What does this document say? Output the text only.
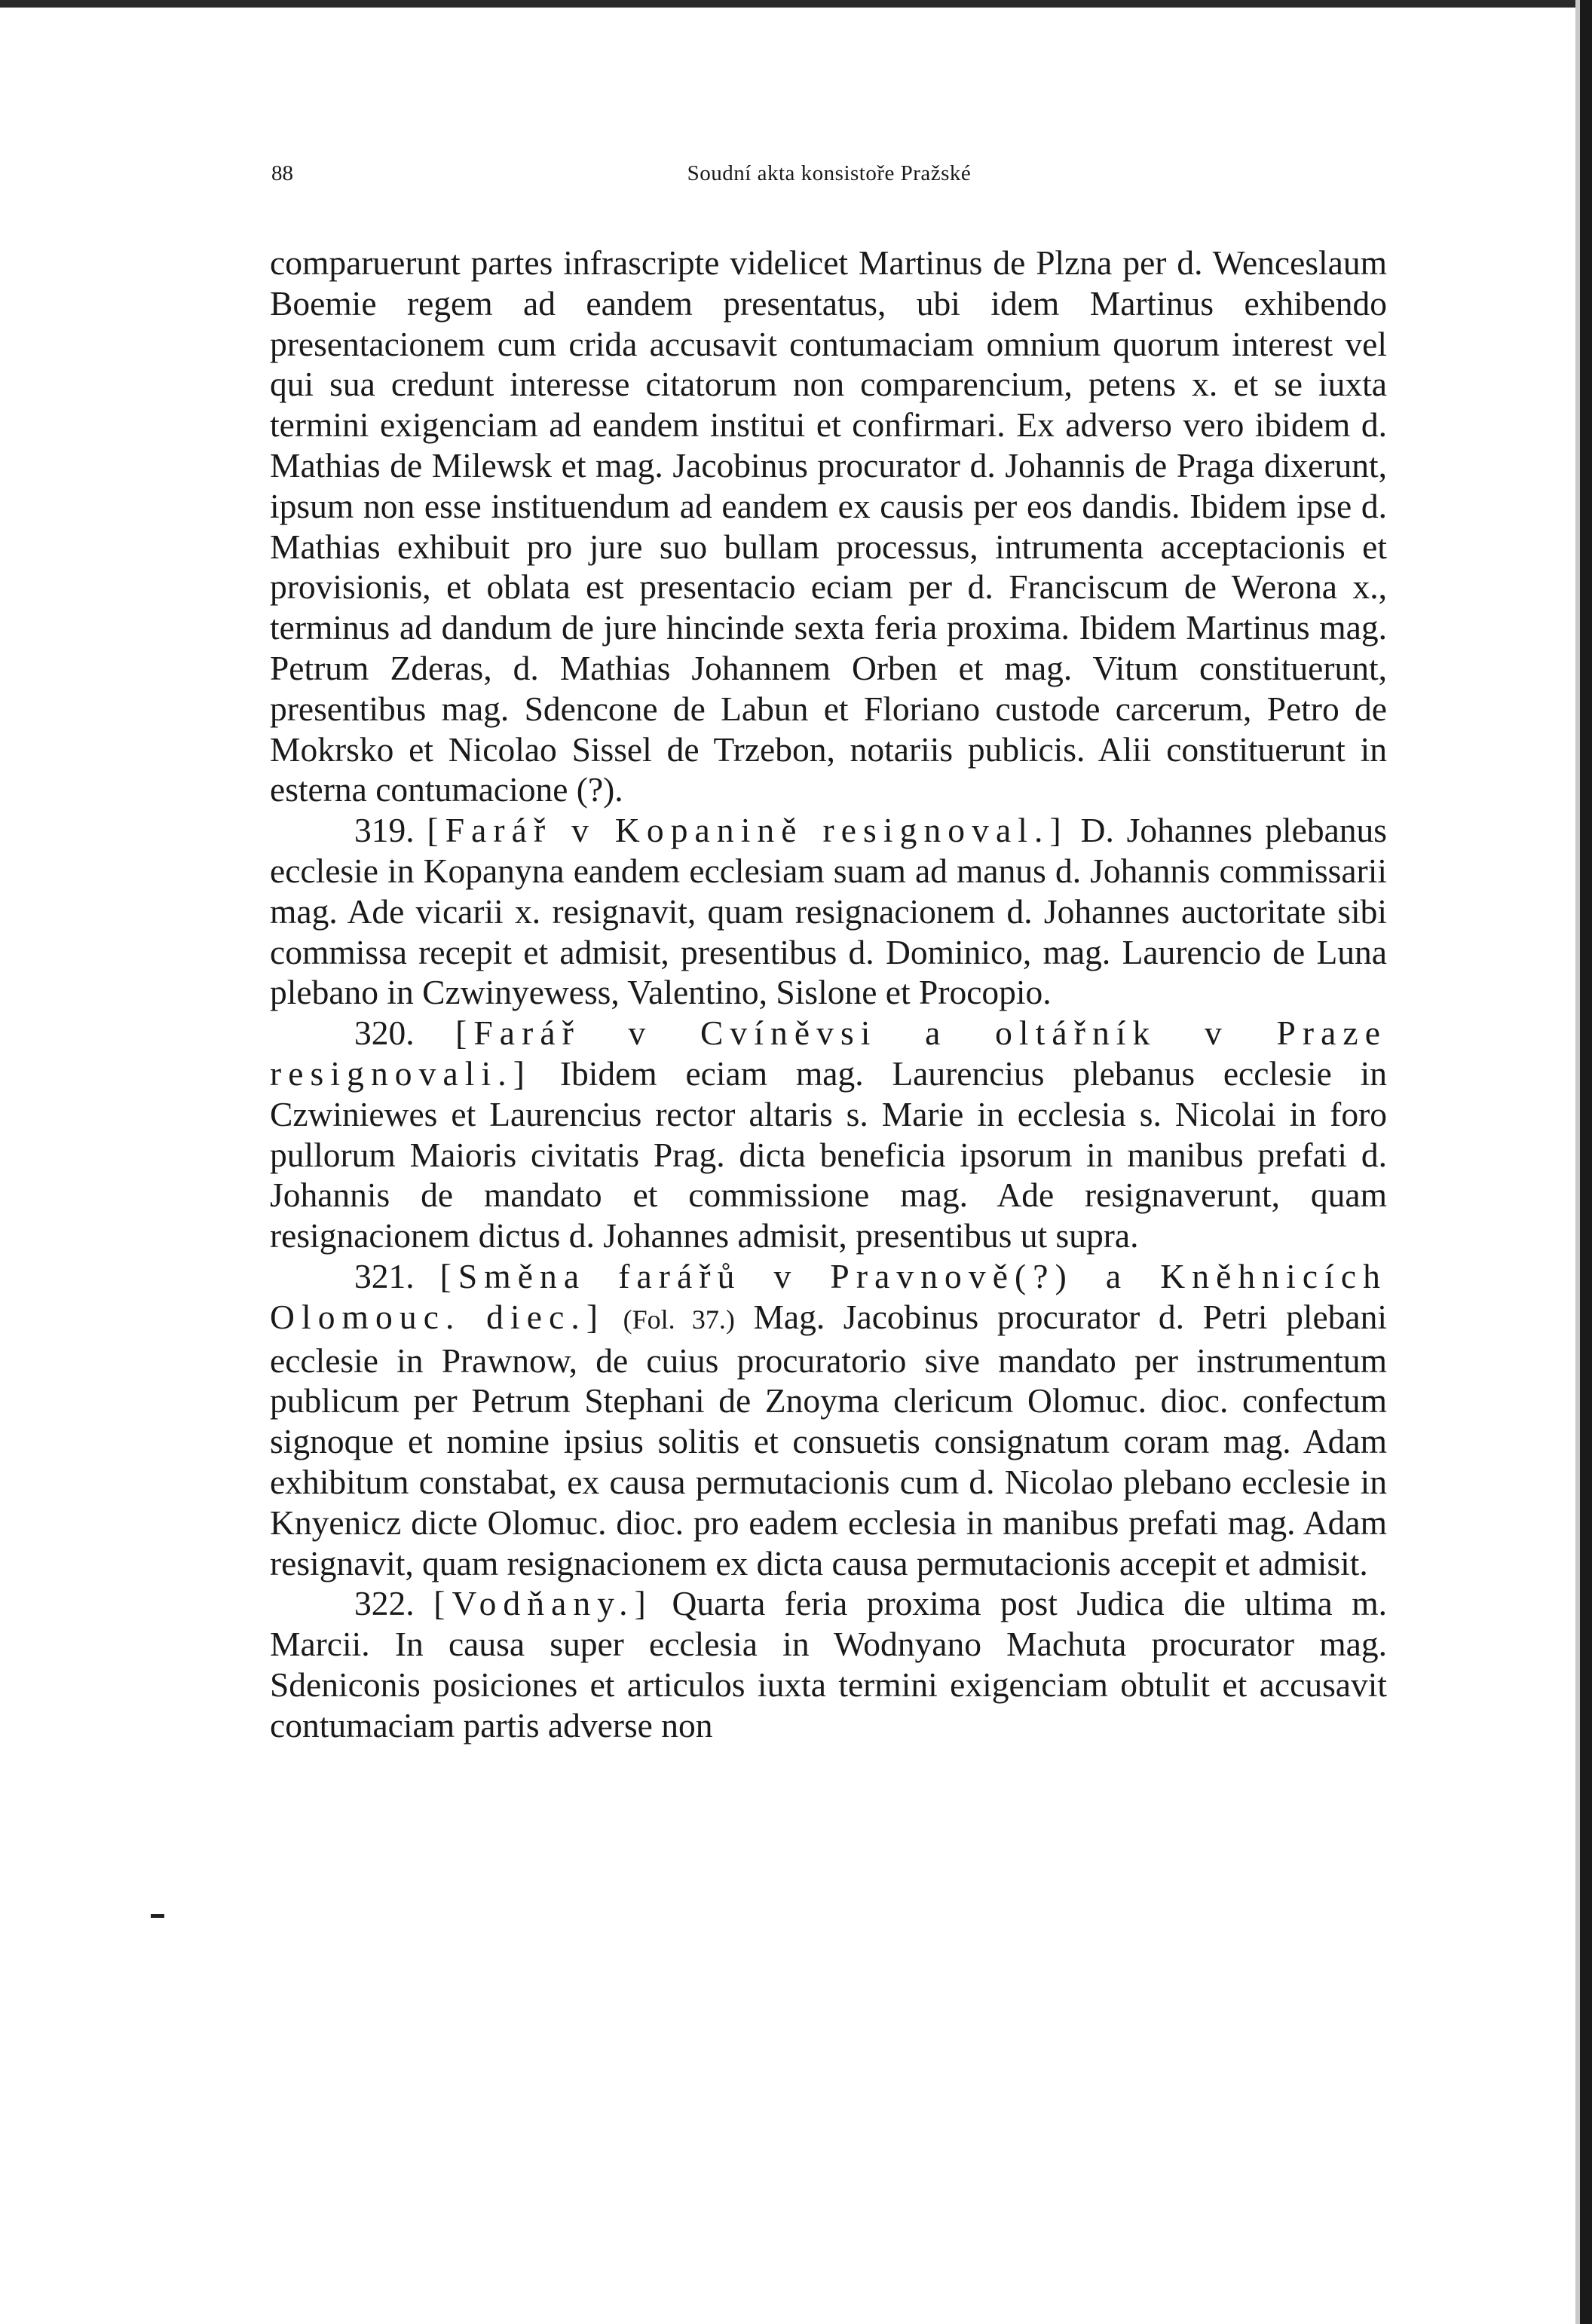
88	Soudní akta konsistoře Pražské

comparuerunt partes infrascripte videlicet Martinus de Plzna per d. Wenceslaum Boemie regem ad eandem presentatus, ubi idem Martinus exhibendo presentacionem cum crida accusavit contumaciam omnium quorum interest vel qui sua credunt interesse citatorum non comparencium, petens x. et se iuxta termini exigenciam ad eandem institui et confirmari. Ex adverso vero ibidem d. Mathias de Milewsk et mag. Jacobinus procurator d. Johannis de Praga dixerunt, ipsum non esse instituendum ad eandem ex causis per eos dandis. Ibidem ipse d. Mathias exhibuit pro jure suo bullam processus, intrumenta acceptacionis et provisionis, et oblata est presentacio eciam per d. Franciscum de Werona x., terminus ad dandum de jure hincinde sexta feria proxima. Ibidem Martinus mag. Petrum Zderas, d. Mathias Johannem Orben et mag. Vitum constituerunt, presentibus mag. Sdencone de Labun et Floriano custode carcerum, Petro de Mokrsko et Nicolao Sissel de Trzebon, notariis publicis. Alii constituerunt in esterna contumacione (?).

319. [Farář v Kopanině resignoval.] D. Johannes plebanus ecclesie in Kopanyna eandem ecclesiam suam ad manus d. Johannis commissarii mag. Ade vicarii x. resignavit, quam resignacionem d. Johannes auctoritate sibi commissa recepit et admisit, presentibus d. Dominico, mag. Laurencio de Luna plebano in Czwinyewess, Valentino, Sislone et Procopio.

320. [Farář v Cvíněvsi a oltářník v Praze resignovali.] Ibidem eciam mag. Laurencius plebanus ecclesie in Czwiniewes et Laurencius rector altaris s. Marie in ecclesia s. Nicolai in foro pullorum Maioris civitatis Prag. dicta beneficia ipsorum in manibus prefati d. Johannis de mandato et commissione mag. Ade resignaverunt, quam resignacionem dictus d. Johannes admisit, presentibus ut supra.

321. [Směna farářů v Pravnově(?) a Kněhnicích Olomouc. diec.] (Fol. 37.) Mag. Jacobinus procurator d. Petri plebani ecclesie in Prawnow, de cuius procuratorio sive mandato per instrumentum publicum per Petrum Stephani de Znoyma clericum Olomuc. dioc. confectum signoque et nomine ipsius solitis et consuetis consignatum coram mag. Adam exhibitum constabat, ex causa permutacionis cum d. Nicolao plebano ecclesie in Knyenicz dicte Olomuc. dioc. pro eadem ecclesia in manibus prefati mag. Adam resignavit, quam resignacionem ex dicta causa permutacionis accepit et admisit.

322. [Vodňany.] Quarta feria proxima post Judica die ultima m. Marcii. In causa super ecclesia in Wodnyano Machuta procurator mag. Sdeniconis posiciones et articulos iuxta termini exigenciam obtulit et accusavit contumaciam partis adverse non
